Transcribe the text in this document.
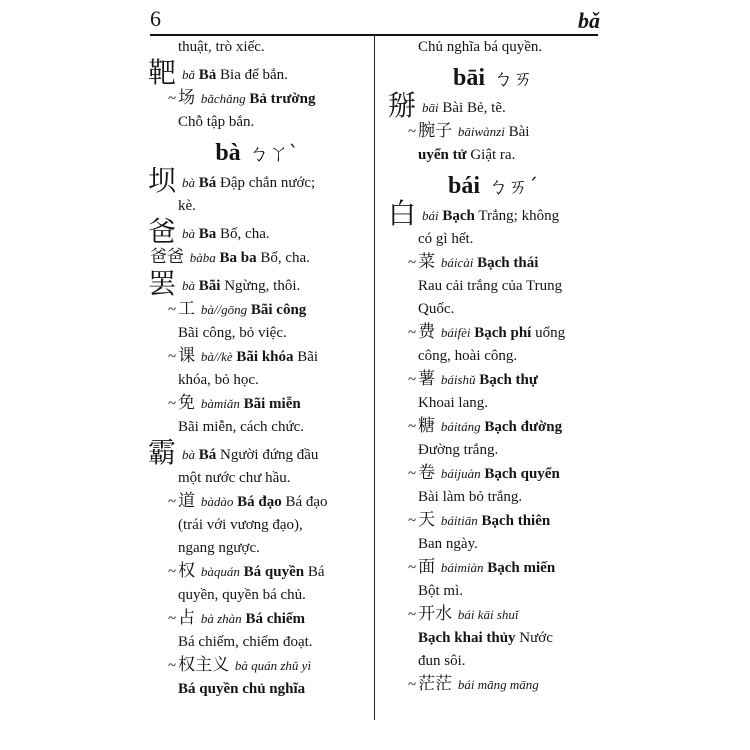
6	bǎ
thuật, trò xiếc.
靶bǎ Bả Bia để bắn.
~ 场 bǎchǎng Bả trường
Chỗ tập bắn.
bà ㄅㄚˋ
坝bà Bá Đập chắn nước;
kè.
爸bà Ba Bố, cha.
爸爸 bàba Ba ba Bố, cha.
罢bà Bãi Ngừng, thôi.
~ 工 bà//gōng Bãi công
Bãi công, bỏ việc.
~ 课 bà//kè Bãi khóa Bãi
khóa, bỏ học.
~ 免 bàmiǎn Bãi miễn
Bãi miễn, cách chức.
霸bà Bá Người đứng đầu
một nước chư hầu.
~ 道 bàdào Bá đạo Bá đạo
(trái với vương đạo),
ngang ngược.
~ 权 bàquán Bá quyền Bá
quyền, quyền bá chủ.
~ 占 bà zhàn Bá chiếm
Bá chiếm, chiếm đoạt.
~ 权主义 bà quán zhǔ yì
Bá quyền chủ nghĩa
Chủ nghĩa bá quyền.
bāi ㄅㄞ
掰bāi Bài Bẻ, tẽ.
~ 腕子 bāiwànzi Bài
uyển tử Giật ra.
bái ㄅㄞˊ
白bái Bạch Trắng; không
có gì hết.
~ 菜 báicài Bạch thái
Rau cải trắng của Trung
Quốc.
~ 费 báifèi Bạch phí uổng
công, hoài công.
~ 薯 báishǔ Bạch thự
Khoai lang.
~ 糖 báitáng Bạch đường
Đường trắng.
~ 卷 báijuàn Bạch quyển
Bài làm bỏ trắng.
~ 天 báitiān Bạch thiên
Ban ngày.
~ 面 báimiàn Bạch miến
Bột mì.
~ 开水 bái kāi shuǐ
Bạch khai thủy Nước
đun sôi.
~ 茫茫 bái māng māng
